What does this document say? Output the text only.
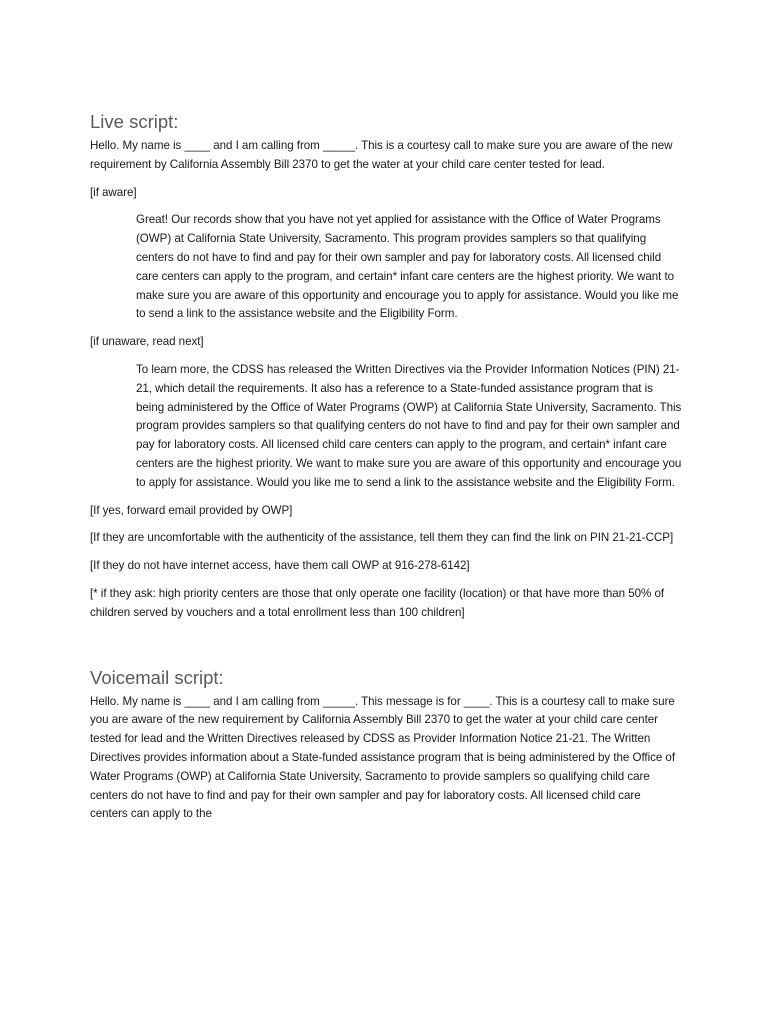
Live script:

Hello. My name is ____ and I am calling from _____. This is a courtesy call to make sure you are aware of the new requirement by California Assembly Bill 2370 to get the water at your child care center tested for lead.

[if aware]

Great! Our records show that you have not yet applied for assistance with the Office of Water Programs (OWP) at California State University, Sacramento. This program provides samplers so that qualifying centers do not have to find and pay for their own sampler and pay for laboratory costs. All licensed child care centers can apply to the program, and certain* infant care centers are the highest priority. We want to make sure you are aware of this opportunity and encourage you to apply for assistance. Would you like me to send a link to the assistance website and the Eligibility Form.

[if unaware, read next]

To learn more, the CDSS has released the Written Directives via the Provider Information Notices (PIN) 21-21, which detail the requirements. It also has a reference to a State-funded assistance program that is being administered by the Office of Water Programs (OWP) at California State University, Sacramento. This program provides samplers so that qualifying centers do not have to find and pay for their own sampler and pay for laboratory costs. All licensed child care centers can apply to the program, and certain* infant care centers are the highest priority. We want to make sure you are aware of this opportunity and encourage you to apply for assistance. Would you like me to send a link to the assistance website and the Eligibility Form.

[If yes, forward email provided by OWP]

[If they are uncomfortable with the authenticity of the assistance, tell them they can find the link on PIN 21-21-CCP]

[If they do not have internet access, have them call OWP at 916-278-6142]

[* if they ask: high priority centers are those that only operate one facility (location) or that have more than 50% of children served by vouchers and a total enrollment less than 100 children]

Voicemail script:

Hello. My name is ____ and I am calling from _____. This message is for ____. This is a courtesy call to make sure you are aware of the new requirement by California Assembly Bill 2370 to get the water at your child care center tested for lead and the Written Directives released by CDSS as Provider Information Notice 21-21. The Written Directives provides information about a State-funded assistance program that is being administered by the Office of Water Programs (OWP) at California State University, Sacramento to provide samplers so qualifying child care centers do not have to find and pay for their own sampler and pay for laboratory costs. All licensed child care centers can apply to the
